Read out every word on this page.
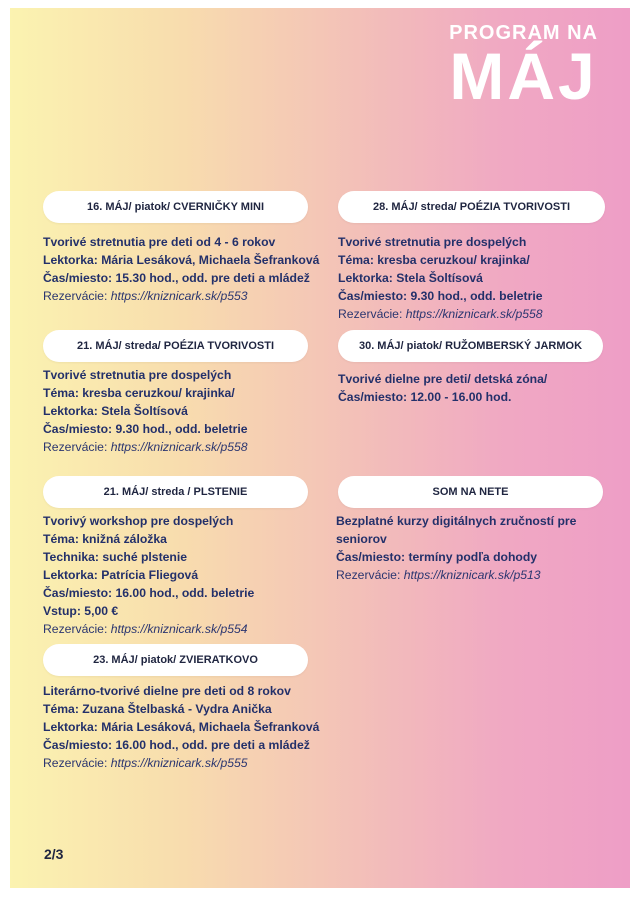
PROGRAM NA
MÁJ
16. MÁJ/ piatok/ CVERNIČKY MINI
Tvorivé stretnutia pre deti od 4 - 6 rokov
Lektorka: Mária Lesáková, Michaela Šefranková
Čas/miesto: 15.30 hod., odd. pre deti a mládež
Rezervácie: https://kniznicark.sk/p553
28. MÁJ/ streda/ POÉZIA TVORIVOSTI
Tvorivé stretnutia pre dospelých
Téma: kresba ceruzkou/ krajinka/
Lektorka: Stela Šoltísová
Čas/miesto: 9.30 hod., odd. beletrie
Rezervácie: https://kniznicark.sk/p558
21. MÁJ/ streda/ POÉZIA TVORIVOSTI
Tvorivé stretnutia pre dospelých
Téma: kresba ceruzkou/ krajinka/
Lektorka: Stela Šoltísová
Čas/miesto: 9.30 hod., odd. beletrie
Rezervácie: https://kniznicark.sk/p558
30. MÁJ/ piatok/ RUŽOMBERSKÝ JARMOK
Tvorivé dielne pre deti/ detská zóna/
Čas/miesto: 12.00 - 16.00 hod.
21. MÁJ/ streda / PLSTENIE
Tvorivý workshop pre dospelých
Téma: knižná záložka
Technika: suché plstenie
Lektorka: Patrícia Fliegová
Čas/miesto: 16.00 hod., odd. beletrie
Vstup: 5,00 €
Rezervácie: https://kniznicark.sk/p554
SOM NA NETE
Bezplatné kurzy digitálnych zručností pre
seniorov
Čas/miesto: termíny podľa dohody
Rezervácie: https://kniznicark.sk/p513
23. MÁJ/ piatok/ ZVIERATKOVO
Literárno-tvorivé dielne pre deti od 8 rokov
Téma: Zuzana Štelbaská - Vydra Anička
Lektorka: Mária Lesáková, Michaela Šefranková
Čas/miesto: 16.00 hod., odd. pre deti a mládež
Rezervácie: https://kniznicark.sk/p555
2/3
